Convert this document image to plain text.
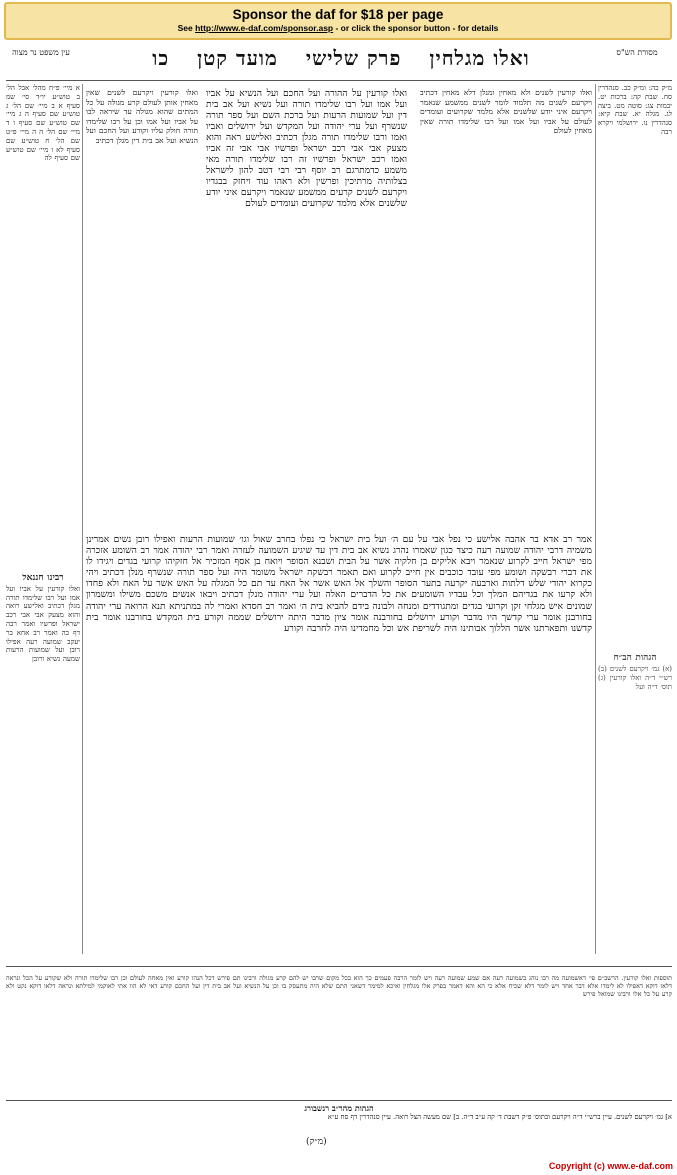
Sponsor the daf for $18 per page
See http://www.e-daf.com/sponsor.asp - or click the sponsor button - for details
מסורת הש"ס
עין משפט נר מצוה	ואלו מגלחין פרק שלישי מועד קטן כו
מ״ק כה: ומ״ק כב. סנהדרין סח. שבת קה: ברכות יט. יבמות צג: סוטה מט. ביצה לג. מגלה יא. שבת קיא: סנהדרין נו. ירושלמי ויקרא רבה
א מיי׳ פ״ח מהל׳ אבל הל׳ ב טוש״ע יו״ד סי׳ שמ סעיף א ב מיי׳ שם הל׳ ג טוש״ע שם סעיף ה ג מיי׳ שם טוש״ע שם סעיף ו ד מיי׳ שם הל׳ ה ה מיי׳ פ״ט שם הל׳ ח טוש״ע שם סעיף לא ו מיי׳ שם טוש״ע שם סעיף לה
הגהות הב״ח
(א) גמ׳ ויקרעם לשנים (ב) רש״י ד״ה ואלו קורעין (ג) תוס׳ ד״ה ועל
רבינו חננאל
ואלו קורעין על אביו ועל אמו ועל רבו שלימדו תורה מגלן דכתיב ואלישע רואה והוא מצעק אבי אבי רכב ישראל ופרשיו ואמר רבה דף כה ואמר רב אחא בר יעקב שמועה רעה אפילו רובן ועל שמועות הרעות שמעה נשיא ורובן
ואלו קורעין לשנים ולא מאחין ומנלן דלא מאחין דכתיב ויקרעם לשנים מה תלמוד לומר לשנים ממשמע שנאמר ויקרעם איני יודע שלשנים אלא מלמד שקרועים ועומדים לעולם על אביו ועל אמו ועל רבו שלימדו תורה שאין מאחין לעולם
ואלו קורעין על ההורה ועל החכם ועל הנשיא על אביו ועל אמו ועל רבו שלימדו תורה ועל נשיא ועל אב בית דין ועל שמועות הרעות ועל ברכת השם ועל ספר תורה שנשרף ועל ערי יהודה ועל המקדש ועל ירושלים ואביו ואמו ורבו שלימדו תורה מגלן דכתיב ואלישע ראה והוא מצעק אבי אבי רכב ישראל ופרשיו אבי אבי זה אביו ואמו רכב ישראל ופרשיו זה רבו שלימדו תורה מאי משמע כדמתרגם רב יוסף רבי רבי דטב להון לישראל בצלותיה מרתיכין ופרשין ולא ראהו עוד ויחזק בבגדיו ויקרעם לשנים קרעים ממשמע שנאמר ויקרעם איני יודע שלשנים אלא מלמד שקרועים ועומדים לעולם
ואלו קורעין ויקרעם לשנים שאין מאחין אותן לעולם קרע מגולה על כל המתים שהוא מגולה עד שיראה לבו על אביו ועל אמו וכן על רבו שלימדו תורה חולק עליו וקורע ועל החכם ועל הנשיא ועל אב בית דין מגלן דכתיב
אמר רב אדא בר אהבה אלישע כי נפל אבי על עם ה׳ ועל בית ישראל כי נפלו בחרב שאול וגו׳ שמועות הרעות ואפילו רובן נשים אמרינן משמיה דרבי יהודה שמועה רעה כיצד כגון שאמרו נהרג נשיא אב בית דין עד שיגיע השמועה לעזרה ואמר רבי יהודה אמר רב השומע אזכרה מפי ישראל חייב לקרוע שנאמר ויבא אליקים בן חלקיה אשר על הבית ושבנא הסופר ויואח בן אסף המזכיר אל חזקיהו קרועי בגדים ויגידו לו את דברי רבשקה ושומע מפי עובד כוכבים אין חייב לקרוע ואם תאמר רבשקה ישראל משומד היה ועל ספר תורה שנשרף מנלן דכתיב ויהי כקרוא יהודי שלש דלתות וארבעה יקרעה בתער הסופר והשלך אל האש אשר אל האח עד תם כל המגלה על האש אשר על האח ולא פחדו ולא קרעו את בגדיהם המלך וכל עבדיו השומעים את כל הדברים האלה ועל ערי יהודה מנלן דכתיב ויבאו אנשים משכם משילו ומשמרון שמונים איש מגלחי זקן וקרועי בגדים ומתגודדים ומנחה ולבונה בידם להביא בית ה׳ ואמר רב חסדא ואמרי לה במתניתא תנא הרואה ערי יהודה בחורבנן אומר ערי קדשך היו מדבר וקורע ירושלים בחורבנה אומר ציון מדבר היתה ירושלים שממה וקורע בית המקדש בחורבנו אומר בית קדשנו ותפארתנו אשר הללוך אבותינו היה לשריפת אש וכל מחמדינו היה לחרבה וקורע
תוספות ואלו קורעין. הרשב״ם פי׳ דאשמועה מה רבו נוהג בשמועה רעה אם שמע שמועה רעה ויש לומר הרבה פעמים כך הוא בכל מקום שרבו יש להם קרע מגולה ורבינו תם פירש דכל הנהו קורע ואין מאחה לעולם וכן רבו שלימדו תורה ולא שקורע על הכל ונראה דלאו דוקא דאפילו לא לימדו אלא דבר אחד ויש לומר דלא שכיח אלא כי הא והא דאמר בפרק אלו מגלחין ואיכא למימר דשאני התם שלא היה מתעסק בו וכן על הנשיא ועל אב בית דין ועל החכם קורע דאי לא הוו אתי לאוקמי למילתא ונראה דלאו דוקא נקט ולא קרע על כל אלו ורבינו שמואל פירש
הגהות מהר״ב רנשבורג
א] גמ׳ ויקרעם לשנים. עיין ברש״י ד״ה ויקרעם ובתוס׳ פ״ק דשבת ד׳ קה ע״ב ד״ה. ב] שם מעשה הצל רואה. עיין סנהדרין דף סח ע״א
(מ״ק)
Copyright (c) www.e-daf.com
